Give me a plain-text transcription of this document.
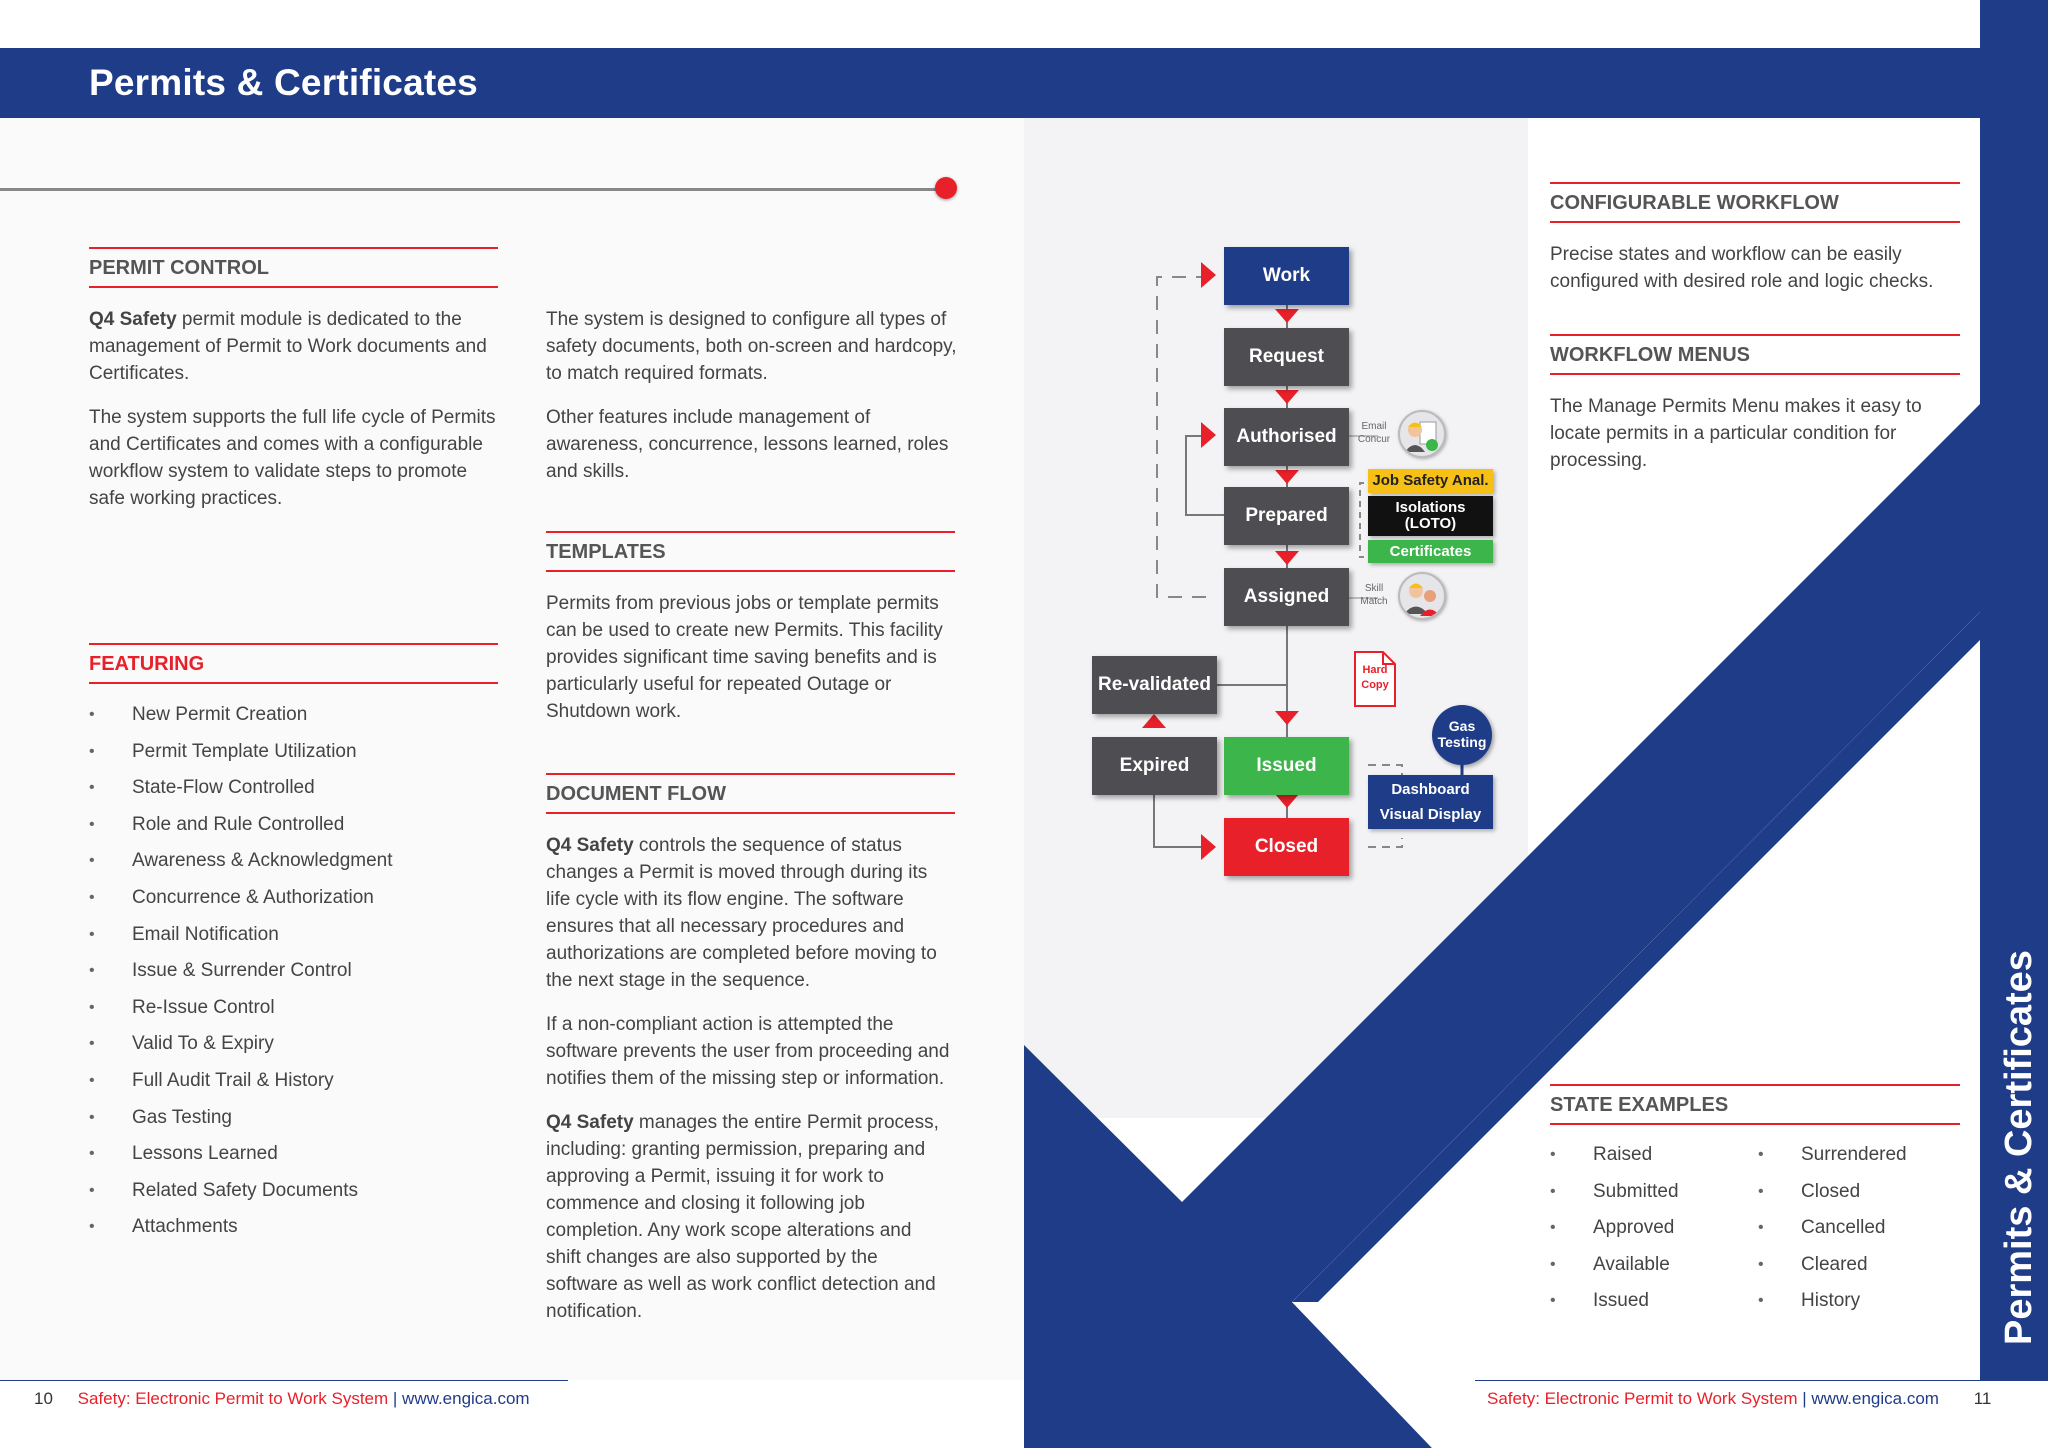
Permits & Certificates
Permits & Certificates
PERMIT CONTROL

Q4 Safety permit module is dedicated to the management of Permit to Work documents and Certificates.

The system supports the full life cycle of Permits and Certificates and comes with a configurable workflow system to validate steps to promote safe working practices.

FEATURING
• New Permit Creation
• Permit Template Utilization
• State-Flow Controlled
• Role and Rule Controlled
• Awareness & Acknowledgment
• Concurrence & Authorization
• Email Notification
• Issue & Surrender Control
• Re-Issue Control
• Valid To & Expiry
• Full Audit Trail & History
• Gas Testing
• Lessons Learned
• Related Safety Documents
• Attachments

The system is designed to configure all types of safety documents, both on-screen and hardcopy, to match required formats.

Other features include management of awareness, concurrence, lessons learned, roles and skills.

TEMPLATES

Permits from previous jobs or template permits can be used to create new Permits. This facility provides significant time saving benefits and is particularly useful for repeated Outage or Shutdown work.

DOCUMENT FLOW

Q4 Safety controls the sequence of status changes a Permit is moved through during its life cycle with its flow engine. The software ensures that all necessary procedures and authorizations are completed before moving to the next stage in the sequence.

If a non-compliant action is attempted the software prevents the user from proceeding and notifies them of the missing step or information.

Q4 Safety manages the entire Permit process, including: granting permission, preparing and approving a Permit, issuing it for work to commence and closing it following job completion. Any work scope alterations and shift changes are also supported by the software as well as work conflict detection and notification.

10 Safety: Electronic Permit to Work System | www.engica.com
Work
Request
Authorised
Prepared
Assigned
Re-validated
Expired	Issued
Closed
Email
Concur
Skill
Match
Job Safety Anal.
Isolations
(LOTO)
Certificates
Hard
Copy
Gas
Testing
Dashboard
Visual Display
CONFIGURABLE WORKFLOW

Precise states and workflow can be easily configured with desired role and logic checks.

WORKFLOW MENUS

The Manage Permits Menu makes it easy to locate permits in a particular condition for processing.

STATE EXAMPLES
• Raised
• Submitted
• Approved
• Available
• Issued
• Surrendered
• Closed
• Cancelled
• Cleared
• History
Safety: Electronic Permit to Work System | www.engica.com 11
